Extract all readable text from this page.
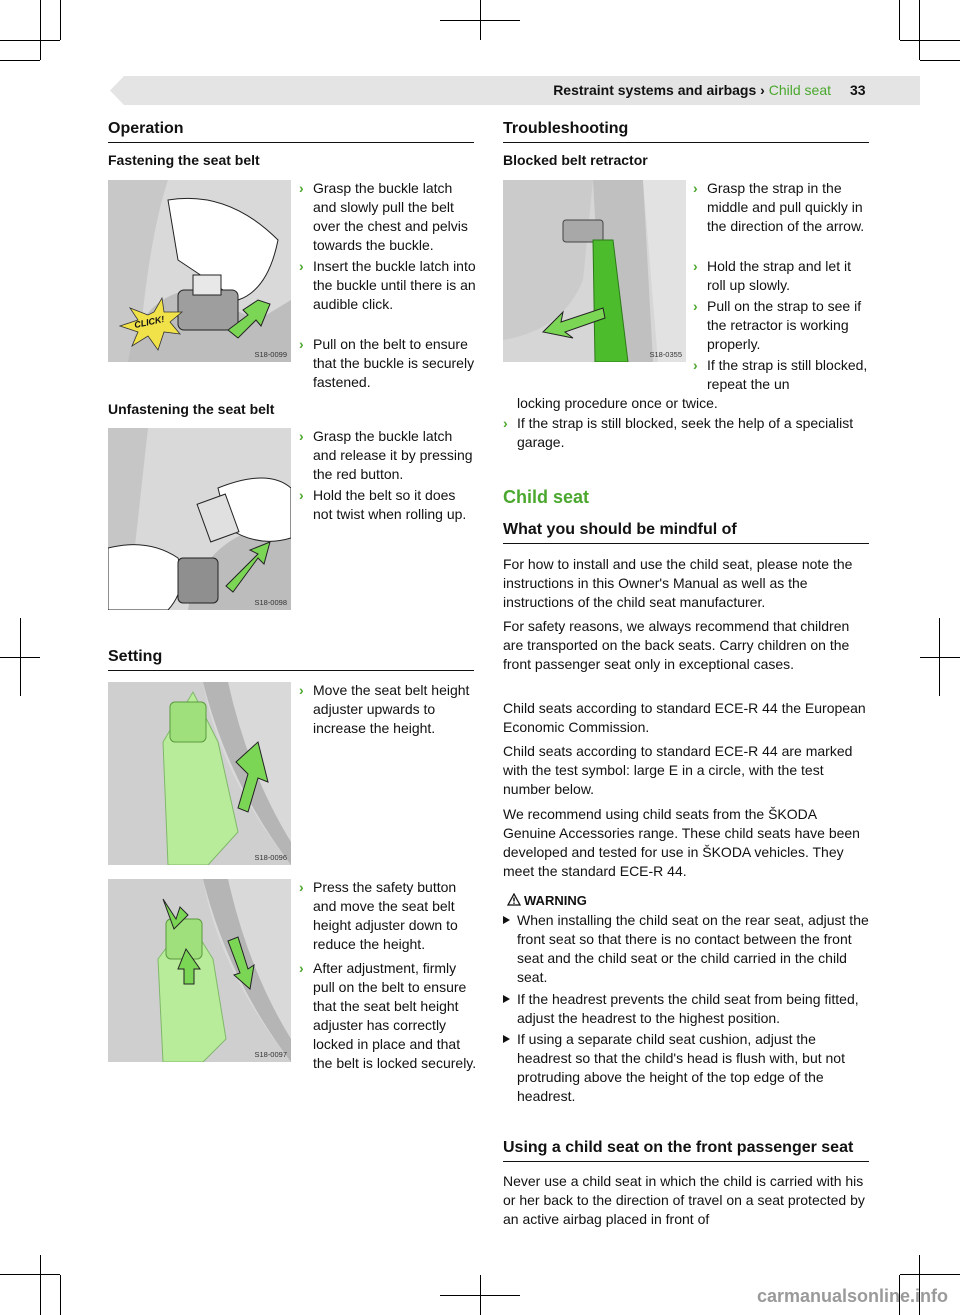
Restraint systems and airbags › Child seat 33
Operation
Fastening the seat belt
CLICK!
S18-0099
› Grasp the buckle latch and slowly pull the belt over the chest and pelvis towards the buckle.
› Insert the buckle latch into the buckle until there is an audible click.
› Pull on the belt to ensure that the buckle is securely fastened.
Unfastening the seat belt
S18-0098
› Grasp the buckle latch and release it by pressing the red button.
› Hold the belt so it does not twist when rolling up.
Setting
S18-0096
› Move the seat belt height adjuster upwards to increase the height.
S18-0097
› Press the safety button and move the seat belt height adjuster down to reduce the height.
› After adjustment, firmly pull on the belt to ensure that the seat belt height adjuster has correctly locked in place and that the belt is locked securely.
Troubleshooting
Blocked belt retractor
S18-0355
› Grasp the strap in the middle and pull quickly in the direction of the arrow.
› Hold the strap and let it roll up slowly.
› Pull on the strap to see if the retractor is working properly.
› If the strap is still blocked, repeat the un
locking procedure once or twice.
› If the strap is still blocked, seek the help of a specialist garage.
Child seat
What you should be mindful of
For how to install and use the child seat, please note the instructions in this Owner's Manual as well as the instructions of the child seat manufacturer.
For safety reasons, we always recommend that children are transported on the back seats. Carry children on the front passenger seat only in exceptional cases.
Child seats according to standard ECE-R 44 the European Economic Commission.
Child seats according to standard ECE-R 44 are marked with the test symbol: large E in a circle, with the test number below.
We recommend using child seats from the ŠKODA Genuine Accessories range. These child seats have been developed and tested for use in ŠKODA vehicles. They meet the standard ECE-R 44.
WARNING
When installing the child seat on the rear seat, adjust the front seat so that there is no contact between the front seat and the child seat or the child carried in the child seat.
If the headrest prevents the child seat from being fitted, adjust the headrest to the highest position.
If using a separate child seat cushion, adjust the headrest so that the child's head is flush with, but not protruding above the height of the top edge of the headrest.
Using a child seat on the front passenger seat
Never use a child seat in which the child is carried with his or her back to the direction of travel on a seat protected by an active airbag placed in front of
carmanualsonline.info
